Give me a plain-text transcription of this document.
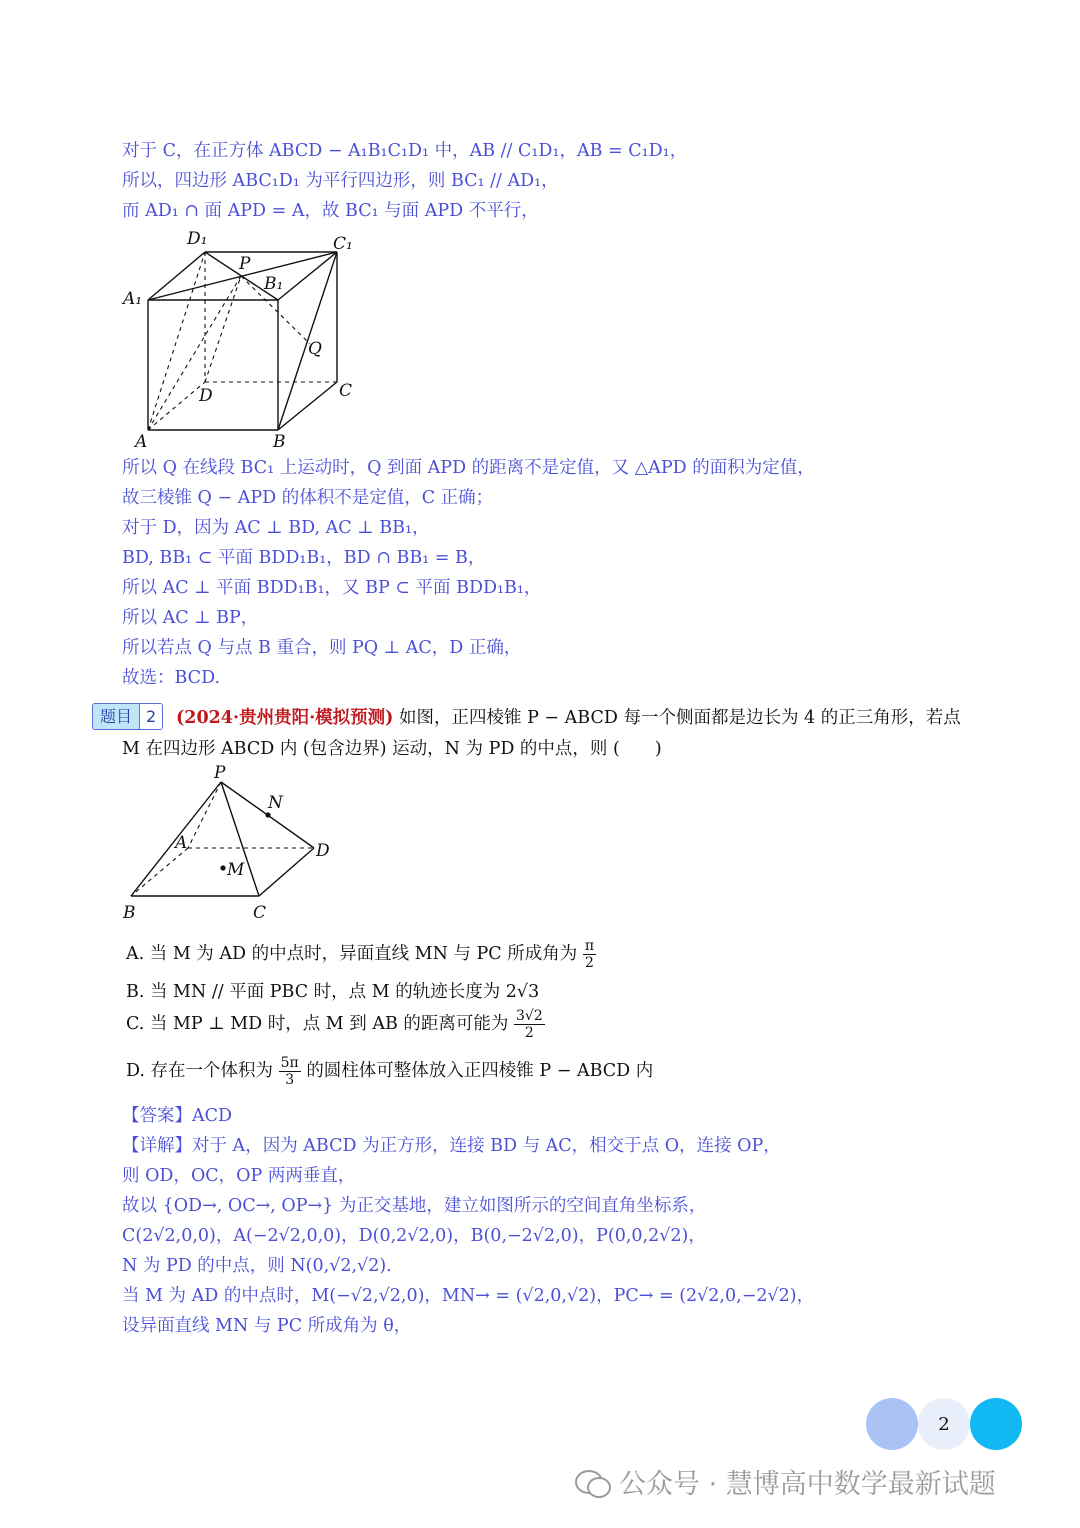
对于 C，在正方体 ABCD − A₁B₁C₁D₁ 中，AB // C₁D₁，AB = C₁D₁，
所以，四边形 ABC₁D₁ 为平行四边形，则 BC₁ // AD₁，
而 AD₁ ∩ 面 APD = A，故 BC₁ 与面 APD 不平行，
D₁	C₁
P
B₁
A₁
Q
D	C
A	B
所以 Q 在线段 BC₁ 上运动时，Q 到面 APD 的距离不是定值，又 △APD 的面积为定值，
故三棱锥 Q − APD 的体积不是定值，C 正确；
对于 D，因为 AC ⊥ BD, AC ⊥ BB₁，
BD, BB₁ ⊂ 平面 BDD₁B₁，BD ∩ BB₁ = B，
所以 AC ⊥ 平面 BDD₁B₁，又 BP ⊂ 平面 BDD₁B₁，
所以 AC ⊥ BP，
所以若点 Q 与点 B 重合，则 PQ ⊥ AC，D 正确，
故选：BCD.
题目 2	(2024·贵州贵阳·模拟预测) 如图，正四棱锥 P − ABCD 每一个侧面都是边长为 4 的正三角形，若点
M 在四边形 ABCD 内 (包含边界) 运动，N 为 PD 的中点，则 (　　)
P
N
A	D
M
B	C
A. 当 M 为 AD 的中点时，异面直线 MN 与 PC 所成角为 $\frac{\pi}{2}$
B. 当 MN // 平面 PBC 时，点 M 的轨迹长度为 2√3
C. 当 MP ⊥ MD 时，点 M 到 AB 的距离可能为 $\frac{3√2}{2}$
D. 存在一个体积为 $\frac{5\pi}{3}$ 的圆柱体可整体放入正四棱锥 P − ABCD 内
【答案】ACD
【详解】对于 A，因为 ABCD 为正方形，连接 BD 与 AC，相交于点 O，连接 OP，
则 OD，OC，OP 两两垂直，
故以 {OD→, OC→, OP→} 为正交基地，建立如图所示的空间直角坐标系，
C(2√2,0,0)，A(−2√2,0,0)，D(0,2√2,0)，B(0,−2√2,0)，P(0,0,2√2)，
N 为 PD 的中点，则 N(0,√2,√2).
当 M 为 AD 的中点时，M(−√2,√2,0)，MN→ = (√2,0,√2)，PC→ = (2√2,0,−2√2)，
设异面直线 MN 与 PC 所成角为 θ，
2
公众号 · 慧博高中数学最新试题
